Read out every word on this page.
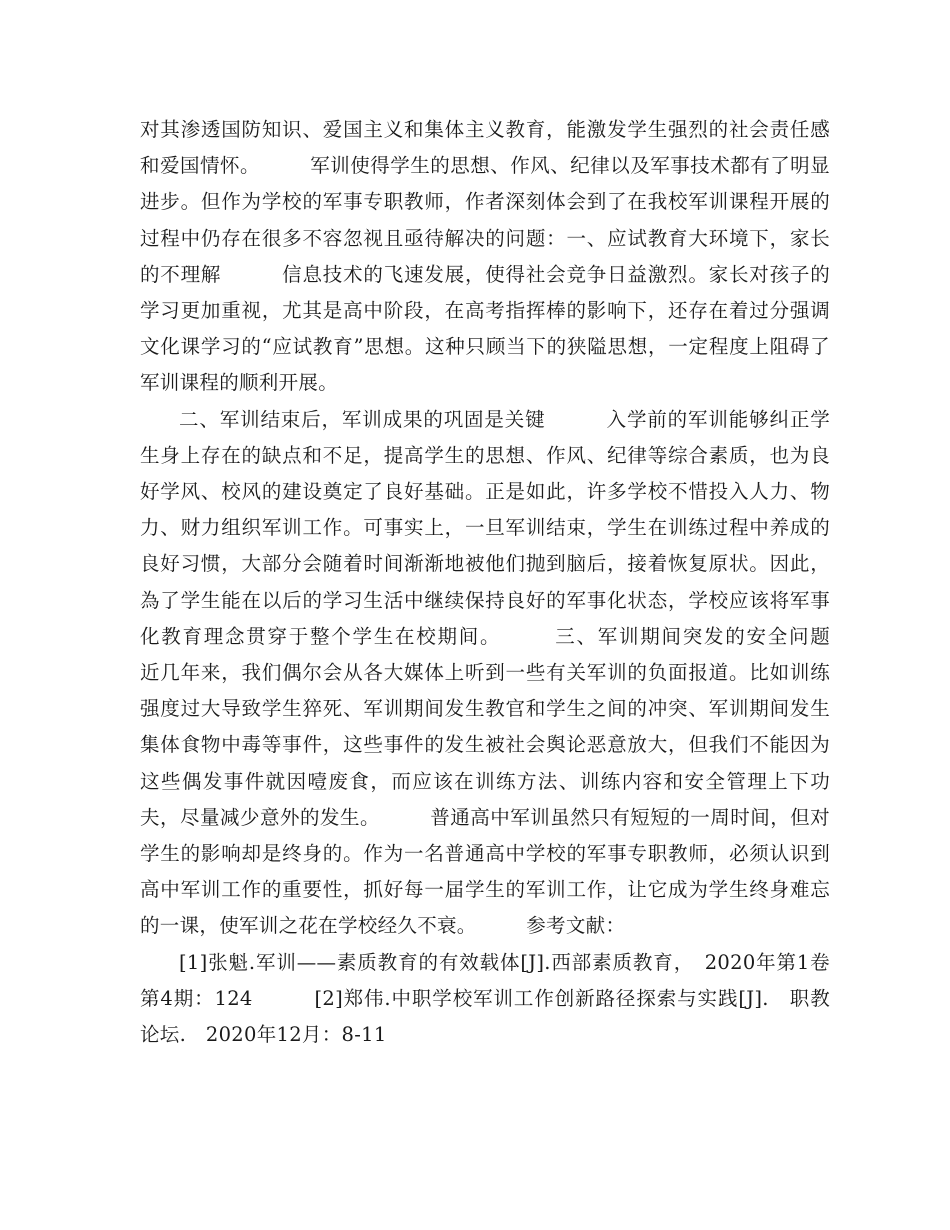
对其渗透国防知识、爱国主义和集体主义教育，能激发学生强烈的社会责任感和爱国情怀。　　　军训使得学生的思想、作风、纪律以及军事技术都有了明显进步。但作为学校的军事专职教师，作者深刻体会到了在我校军训课程开展的过程中仍存在很多不容忽视且亟待解决的问题：一、应试教育大环境下，家长的不理解　　　信息技术的飞速发展，使得社会竞争日益激烈。家长对孩子的学习更加重视，尤其是高中阶段，在高考指挥棒的影响下，还存在着过分强调文化课学习的“应试教育”思想。这种只顾当下的狭隘思想，一定程度上阻碍了军训课程的顺利开展。

二、军训结束后，军训成果的巩固是关键　　　入学前的军训能够纠正学生身上存在的缺点和不足，提高学生的思想、作风、纪律等综合素质，也为良好学风、校风的建设奠定了良好基础。正是如此，许多学校不惜投入人力、物力、财力组织军训工作。可事实上，一旦军训结束，学生在训练过程中养成的良好习惯，大部分会随着时间渐渐地被他们抛到脑后，接着恢复原状。因此，為了学生能在以后的学习生活中继续保持良好的军事化状态，学校应该将军事化教育理念贯穿于整个学生在校期间。　　　三、军训期间突发的安全问题　　　近几年来，我们偶尔会从各大媒体上听到一些有关军训的负面报道。比如训练强度过大导致学生猝死、军训期间发生教官和学生之间的冲突、军训期间发生集体食物中毒等事件，这些事件的发生被社会舆论恶意放大，但我们不能因为这些偶发事件就因噎废食，而应该在训练方法、训练内容和安全管理上下功夫，尽量减少意外的发生。　　　普通高中军训虽然只有短短的一周时间，但对学生的影响却是终身的。作为一名普通高中学校的军事专职教师，必须认识到高中军训工作的重要性，抓好每一届学生的军训工作，让它成为学生终身难忘的一课，使军训之花在学校经久不衰。　　　参考文献：

[1]张魁.军训——素质教育的有效载体[J].西部素质教育，　2020年第1卷第4期：124　　　[2]郑伟.中职学校军训工作创新路径探索与实践[J].　职教论坛.　2020年12月：8-11
